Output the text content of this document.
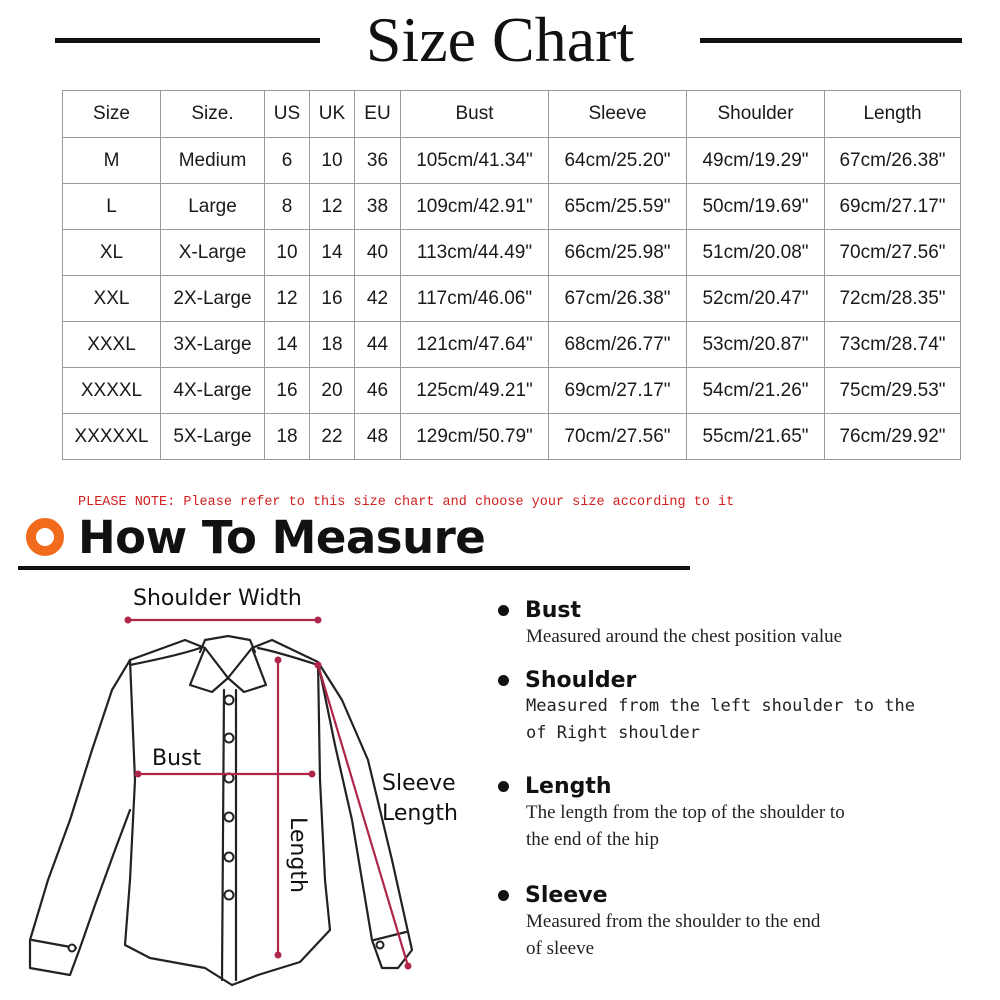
Size Chart
Size	Size.	US	UK	EU	Bust	Sleeve	Shoulder	Length
M	Medium	6	10	36	105cm/41.34"	64cm/25.20"	49cm/19.29"	67cm/26.38"
L	Large	8	12	38	109cm/42.91"	65cm/25.59"	50cm/19.69"	69cm/27.17"
XL	X-Large	10	14	40	113cm/44.49"	66cm/25.98"	51cm/20.08"	70cm/27.56"
XXL	2X-Large	12	16	42	117cm/46.06"	67cm/26.38"	52cm/20.47"	72cm/28.35"
XXXL	3X-Large	14	18	44	121cm/47.64"	68cm/26.77"	53cm/20.87"	73cm/28.74"
XXXXL	4X-Large	16	20	46	125cm/49.21"	69cm/27.17"	54cm/21.26"	75cm/29.53"
XXXXXL	5X-Large	18	22	48	129cm/50.79"	70cm/27.56"	55cm/21.65"	76cm/29.92"
PLEASE NOTE: Please refer to this size chart and choose your size according to it
How To Measure
Shoulder Width
Bust
Sleeve
Length
Length
Bust
Measured around the chest position value
Shoulder
Measured from the left shoulder to the
of Right shoulder
Length
The length from the top of the shoulder to
the end of the hip
Sleeve
Measured from the shoulder to the end
of sleeve
